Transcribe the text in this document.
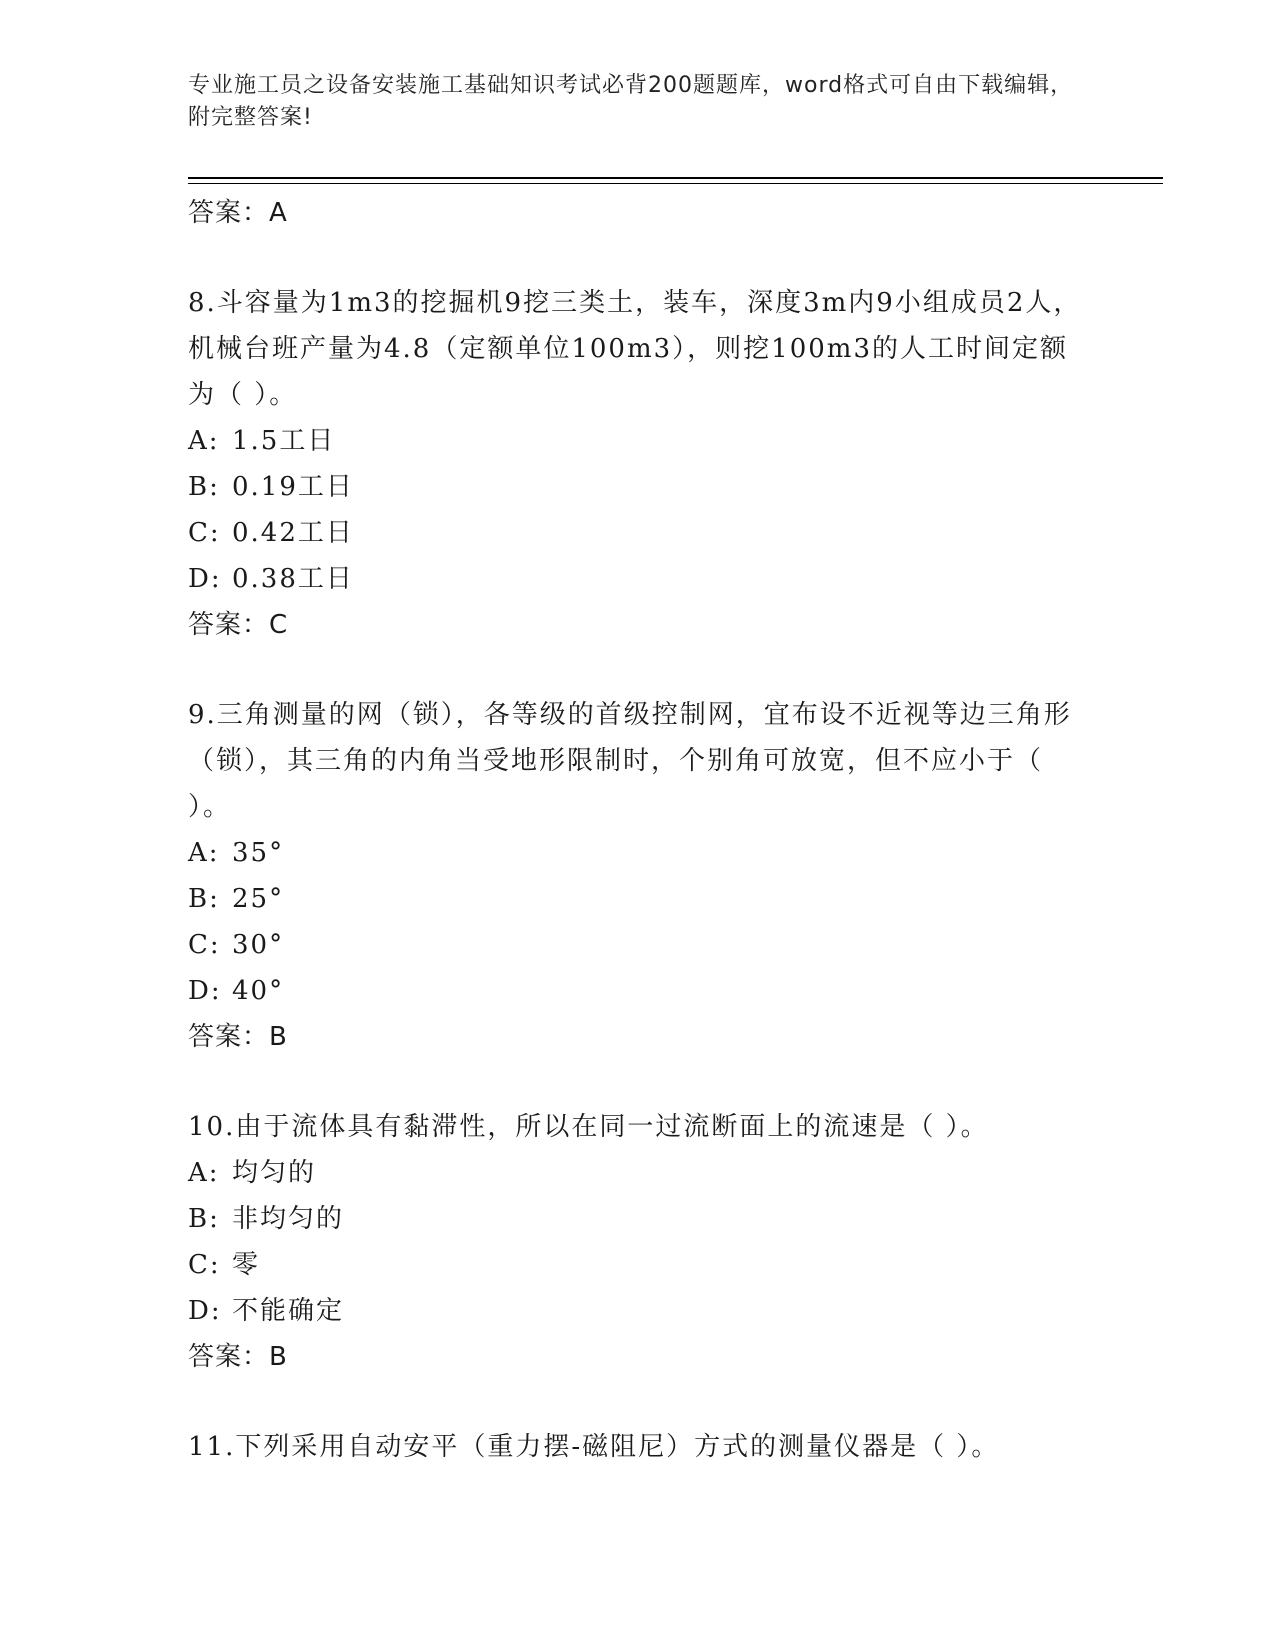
专业施工员之设备安装施工基础知识考试必背200题题库，word格式可自由下载编辑，附完整答案!
答案：A

8.斗容量为1m3的挖掘机9挖三类土，装车，深度3m内9小组成员2人，机械台班产量为4.8（定额单位100m3），则挖100m3的人工时间定额为（ ）。

A: 1.5工日
B: 0.19工日
C: 0.42工日
D: 0.38工日
答案：C

9.三角测量的网（锁），各等级的首级控制网，宜布设不近视等边三角形（锁），其三角的内角当受地形限制时，个别角可放宽，但不应小于（ ）。

A: 35°
B: 25°
C: 30°
D: 40°
答案：B

10.由于流体具有黏滞性，所以在同一过流断面上的流速是（ ）。

A: 均匀的
B: 非均匀的
C: 零
D: 不能确定
答案：B

11.下列采用自动安平（重力摆-磁阻尼）方式的测量仪器是（ ）。
